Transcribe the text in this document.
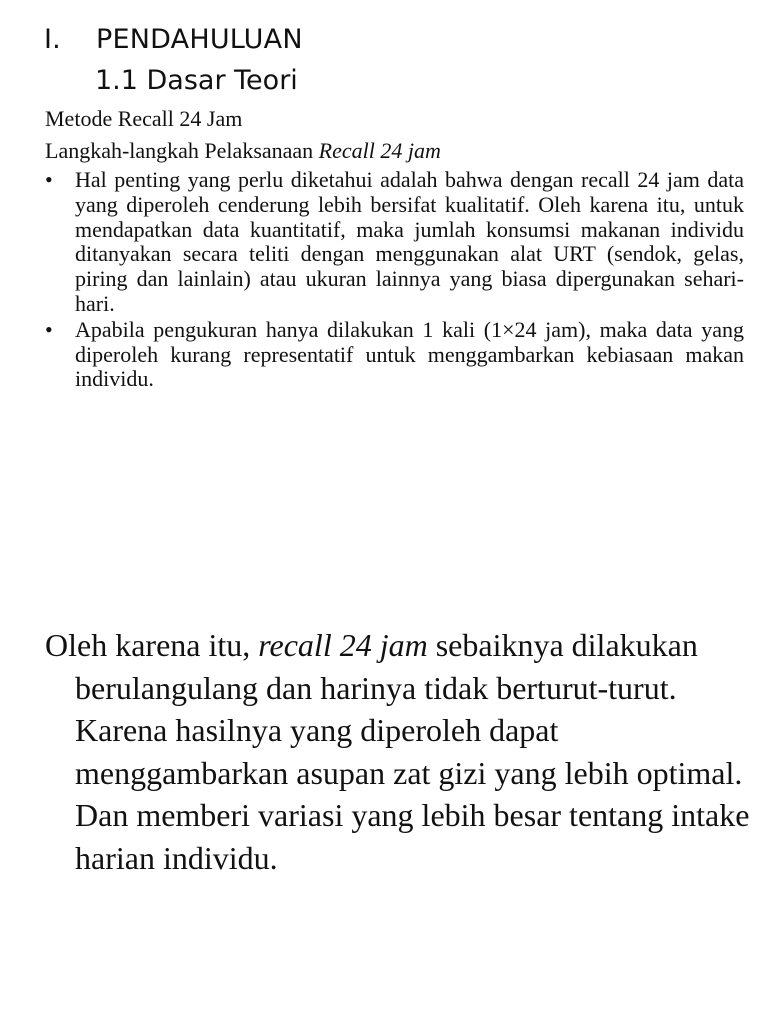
I. PENDAHULUAN
1.1 Dasar Teori
Metode Recall 24 Jam
Langkah-langkah Pelaksanaan Recall 24 jam
•	Hal penting yang perlu diketahui adalah bahwa dengan recall 24 jam data yang diperoleh cenderung lebih bersifat kualitatif. Oleh karena itu, untuk mendapatkan data kuantitatif, maka jumlah konsumsi makanan individu ditanyakan secara teliti dengan menggunakan alat URT (sendok, gelas, piring dan lainlain) atau ukuran lainnya yang biasa dipergunakan sehari-hari.
•	Apabila pengukuran hanya dilakukan 1 kali (1×24 jam), maka data yang diperoleh kurang representatif untuk menggambarkan kebiasaan makan individu.
Oleh karena itu, recall 24 jam sebaiknya dilakukan berulangulang dan harinya tidak berturut-turut. Karena hasilnya yang diperoleh dapat menggambarkan asupan zat gizi yang lebih optimal. Dan memberi variasi yang lebih besar tentang intake harian individu.
